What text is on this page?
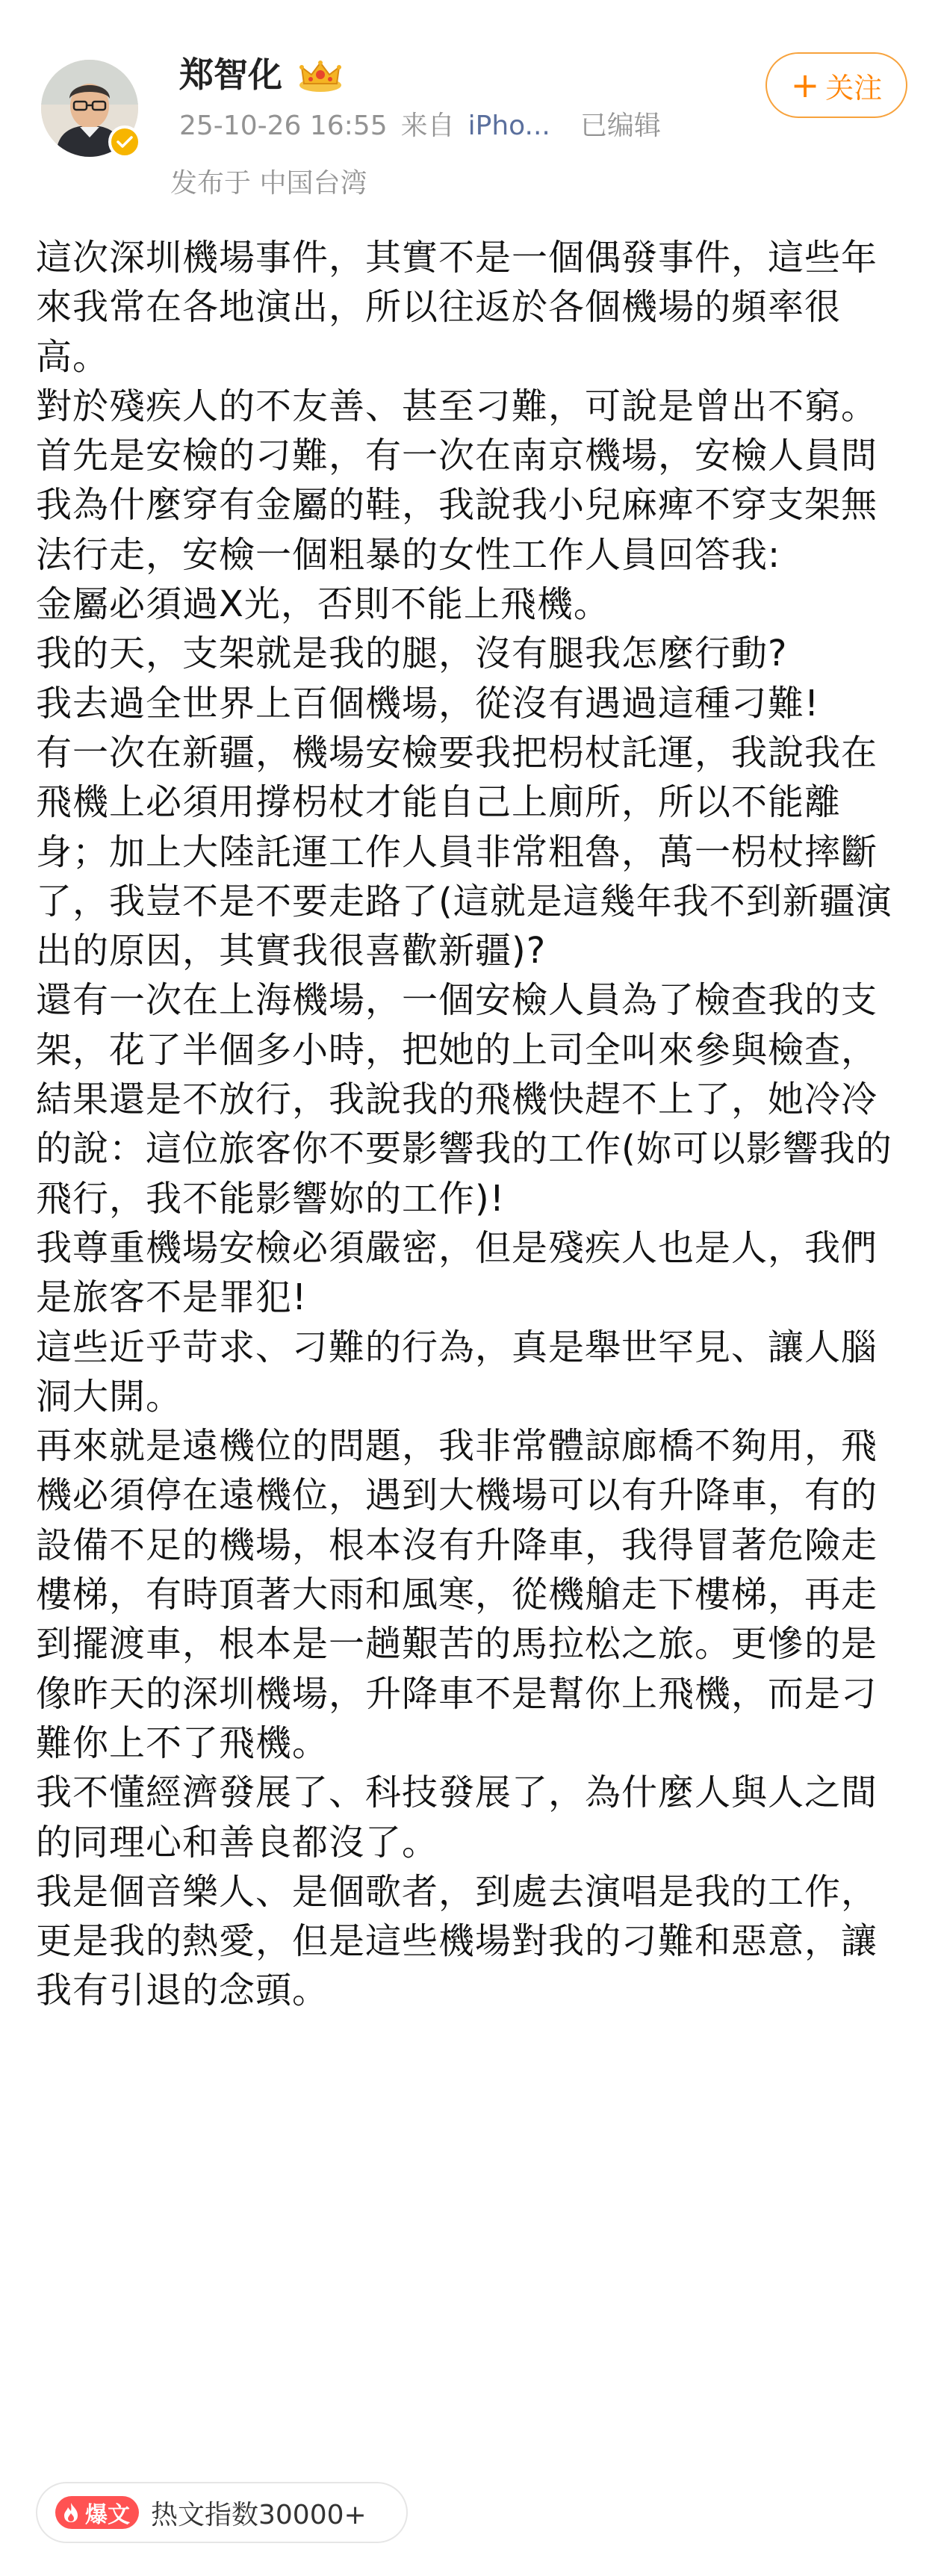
郑智化
25-10-26 16:55 来自 iPho... 已编辑
发布于 中国台湾
+ 关注

這次深圳機場事件，其實不是一個偶發事件，這些年來我常在各地演出，所以往返於各個機場的頻率很高。

對於殘疾人的不友善、甚至刁難，可說是曾出不窮。

首先是安檢的刁難，有一次在南京機場，安檢人員問我為什麼穿有金屬的鞋，我說我小兒麻痺不穿支架無法行走，安檢一個粗暴的女性工作人員回答我:

金屬必須過X光，否則不能上飛機。

我的天，支架就是我的腿，沒有腿我怎麼行動?

我去過全世界上百個機場，從沒有遇過這種刁難!

有一次在新疆，機場安檢要我把枴杖託運，我說我在飛機上必須用撐枴杖才能自己上廁所，所以不能離身；加上大陸託運工作人員非常粗魯，萬一枴杖摔斷了，我豈不是不要走路了(這就是這幾年我不到新疆演出的原因，其實我很喜歡新疆)?

還有一次在上海機場，一個安檢人員為了檢查我的支架，花了半個多小時，把她的上司全叫來參與檢查，結果還是不放行，我說我的飛機快趕不上了，她冷冷的說：這位旅客你不要影響我的工作(妳可以影響我的飛行，我不能影響妳的工作)!

我尊重機場安檢必須嚴密，但是殘疾人也是人，我們是旅客不是罪犯!

這些近乎苛求、刁難的行為，真是舉世罕見、讓人腦洞大開。

再來就是遠機位的問題，我非常體諒廊橋不夠用，飛機必須停在遠機位，遇到大機場可以有升降車，有的設備不足的機場，根本沒有升降車，我得冒著危險走樓梯，有時頂著大雨和風寒，從機艙走下樓梯，再走到擺渡車，根本是一趟艱苦的馬拉松之旅。更慘的是像昨天的深圳機場，升降車不是幫你上飛機，而是刁難你上不了飛機。

我不懂經濟發展了、科技發展了，為什麼人與人之間的同理心和善良都沒了。

我是個音樂人、是個歌者，到處去演唱是我的工作，更是我的熱愛，但是這些機場對我的刁難和惡意，讓我有引退的念頭。

爆文 热文指数30000+
